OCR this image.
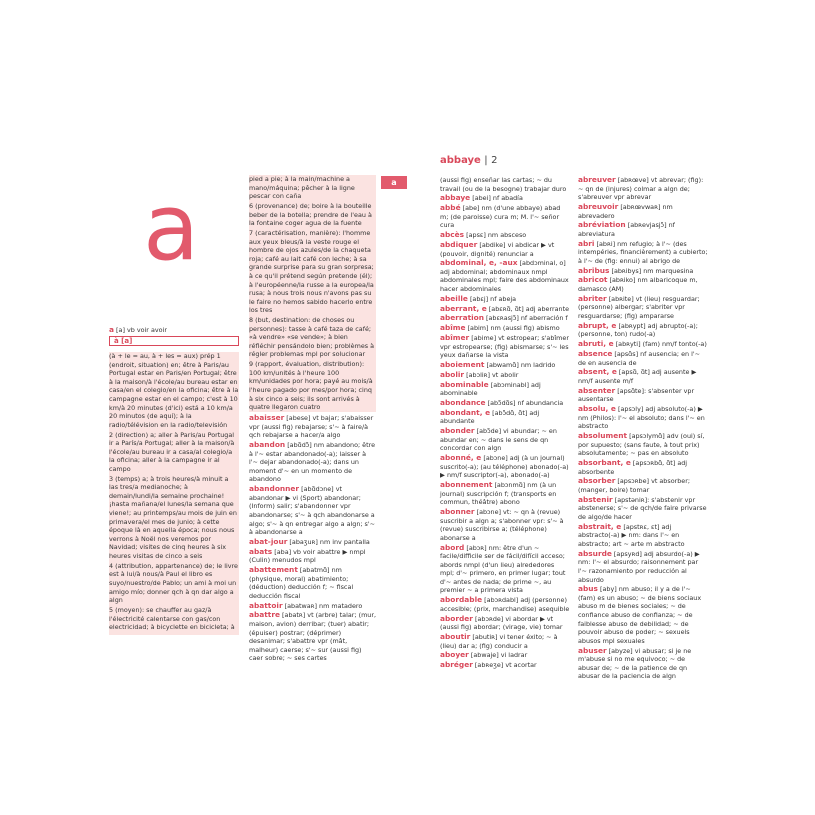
a

a [a] vb voir avoir

à [a]

(à + le = au, à + les = aux) prép 1 (endroit, situation) en; être à Paris/au Portugal estar en Paris/en Portugal; être à la maison/à l'école/au bureau estar en casa/en el colegio/en la oficina; être à la campagne estar en el campo; c'est à 10 km/à 20 minutes (d'ici) está a 10 km/a 20 minutos (de aquí); à la radio/télévision en la radio/televisión

2 (direction) a; aller à Paris/au Portugal ir a París/a Portugal; aller à la maison/à l'école/au bureau ir a casa/al colegio/a la oficina; aller à la campagne ir al campo

3 (temps) a; à trois heures/à minuit a las tres/a medianoche; à demain/lundi/la semaine prochaine! ¡hasta mañana/el lunes/la semana que viene!; au printemps/au mois de juin en primavera/el mes de junio; à cette époque là en aquella época; nous nous verrons à Noël nos veremos por Navidad; visites de cinq heures à six heures visitas de cinco a seis

4 (attribution, appartenance) de; le livre est à lui/à nous/à Paul el libro es suyo/nuestro/de Pablo; un ami à moi un amigo mío; donner qch à qn dar algo a algn

5 (moyen): se chauffer au gaz/à l'électricité calentarse con gas/con electricidad; à bicyclette en bicicleta; à

pied a pie; à la main/machine a mano/máquina; pêcher à la ligne pescar con caña

6 (provenance) de; boire à la bouteille beber de la botella; prendre de l'eau à la fontaine coger agua de la fuente

7 (caractérisation, manière): l'homme aux yeux bleus/à la veste rouge el hombre de ojos azules/de la chaqueta roja; café au lait café con leche; à sa grande surprise para su gran sorpresa; à ce qu'il prétend según pretende (él); à l'européenne/la russe a la europea/la rusa; à nous trois nous n'avons pas su le faire no hemos sabido hacerlo entre los tres

8 (but, destination: de choses ou personnes): tasse à café taza de café; «à vendre» «se vende»; à bien réfléchir pensándolo bien; problèmes à régler problemas mpl por solucionar

9 (rapport, évaluation, distribution): 100 km/unités à l'heure 100 km/unidades por hora; payé au mois/à l'heure pagado por mes/por hora; cinq à six cinco a seis; ils sont arrivés à quatre llegaron cuatro

abaisser [abese] vt bajar; s'abaisser vpr (aussi fig) rebajarse; s'~ à faire/à qch rebajarse a hacer/a algo

abandon [abɑ̃dɔ̃] nm abandono; être à l'~ estar abandonado(-a); laisser à l'~ dejar abandonado(-a); dans un moment d'~ en un momento de abandono

abandonner [abɑ̃dɔne] vt abandonar ▶ vi (Sport) abandonar; (Inform) salir; s'abandonner vpr abandonarse; s'~ à qch abandonarse a algo; s'~ à qn entregar algo a algn; s'~ à abandonarse a

abat-jour [abaʒuʀ] nm inv pantalla

abats [aba] vb voir abattre ▶ nmpl (Culin) menudos mpl

abattement [abatmɑ̃] nm (physique, moral) abatimiento; (déduction) deducción f; ~ fiscal deducción fiscal

abattoir [abatwaʀ] nm matadero

abattre [abatʀ] vt (arbre) talar; (mur, maison, avion) derribar; (tuer) abatir; (épuiser) postrar; (déprimer) desanimar; s'abattre vpr (mât, malheur) caerse; s'~ sur (aussi fig) caer sobre; ~ ses cartes

a
abbaye | 2

(aussi fig) enseñar las cartas; ~ du travail (ou de la besogne) trabajar duro

abbaye [abei] nf abadía

abbé [abe] nm (d'une abbaye) abad m; (de paroisse) cura m; M. l'~ señor cura

abcès [apsɛ] nm absceso

abdiquer [abdike] vi abdicar ▶ vt (pouvoir, dignité) renunciar a

abdominal, e, -aux [abdɔminal, o] adj abdominal; abdominaux nmpl abdominales mpl; faire des abdominaux hacer abdominales

abeille [abɛj] nf abeja

aberrant, e [abɛʀɑ̃, ɑ̃t] adj aberrante

aberration [abɛʀasjɔ̃] nf aberración f

abîme [abim] nm (aussi fig) abismo

abîmer [abime] vt estropear; s'abîmer vpr estropearse; (fig) abismarse; s'~ les yeux dañarse la vista

aboiement [abwamɑ̃] nm ladrido

abolir [abɔliʀ] vt abolir

abominable [abɔminabl] adj abominable

abondance [abɔ̃dɑ̃s] nf abundancia

abondant, e [abɔ̃dɑ̃, ɑ̃t] adj abundante

abonder [abɔ̃de] vi abundar; ~ en abundar en; ~ dans le sens de qn concordar con algn

abonné, e [abɔne] adj (à un journal) suscrito(-a); (au téléphone) abonado(-a) ▶ nm/f suscriptor(-a), abonado(-a)

abonnement [abɔnmɑ̃] nm (à un journal) suscripción f; (transports en commun, théâtre) abono

abonner [abɔne] vt: ~ qn à (revue) suscribir a algn a; s'abonner vpr: s'~ à (revue) suscribirse a; (téléphone) abonarse a

abord [abɔʀ] nm: être d'un ~ facile/difficile ser de fácil/difícil acceso; abords nmpl (d'un lieu) alrededores mpl; d'~ primero, en primer lugar; tout d'~ antes de nada; de prime ~, au premier ~ a primera vista

abordable [abɔʀdabl] adj (personne) accesible; (prix, marchandise) asequible

aborder [abɔʀde] vi abordar ▶ vt (aussi fig) abordar; (virage, vie) tomar

aboutir [abutiʀ] vi tener éxito; ~ à (lieu) dar a; (fig) conducir a

aboyer [abwaje] vi ladrar

abréger [abʀeʒe] vt acortar

abreuver [abʀœve] vt abrevar; (fig): ~ qn de (injures) colmar a algn de; s'abreuver vpr abrevar

abreuvoir [abʀœvwaʀ] nm abrevadero

abréviation [abʀevjasjɔ̃] nf abreviatura

abri [abʀi] nm refugio; à l'~ (des intempéries, financièrement) a cubierto; à l'~ de (fig: ennui) al abrigo de

abribus [abʀibys] nm marquesina

abricot [abʀiko] nm albaricoque m, damasco (AM)

abriter [abʀite] vt (lieu) resguardar; (personne) albergar; s'abriter vpr resguardarse; (fig) ampararse

abrupt, e [abʀypt] adj abrupto(-a); (personne, ton) rudo(-a)

abruti, e [abʀyti] (fam) nm/f tonto(-a)

absence [apsɑ̃s] nf ausencia; en l'~ de en ausencia de

absent, e [apsɑ̃, ɑ̃t] adj ausente ▶ nm/f ausente m/f

absenter [apsɑ̃te]: s'absenter vpr ausentarse

absolu, e [apsɔly] adj absoluto(-a) ▶ nm (Philos): l'~ el absoluto; dans l'~ en abstracto

absolument [apsɔlymɑ̃] adv (oui) sí, por supuesto; (sans faute, à tout prix) absolutamente; ~ pas en absoluto

absorbant, e [apsɔʀbɑ̃, ɑ̃t] adj absorbente

absorber [apsɔʀbe] vt absorber; (manger, boire) tomar

abstenir [apstəniʀ]: s'abstenir vpr abstenerse; s'~ de qch/de faire privarse de algo/de hacer

abstrait, e [apstʀɛ, ɛt] adj abstracto(-a) ▶ nm: dans l'~ en abstracto; art ~ arte m abstracto

absurde [apsyʀd] adj absurdo(-a) ▶ nm: l'~ el absurdo; raisonnement par l'~ razonamiento por reducción al absurdo

abus [aby] nm abuso; il y a de l'~ (fam) es un abuso; ~ de biens sociaux abuso m de bienes sociales; ~ de confiance abuso de confianza; ~ de faiblesse abuso de debilidad; ~ de pouvoir abuso de poder; ~ sexuels abusos mpl sexuales

abuser [abyze] vi abusar; si je ne m'abuse si no me equivoco; ~ de abusar de; ~ de la patience de qn abusar de la paciencia de algn
